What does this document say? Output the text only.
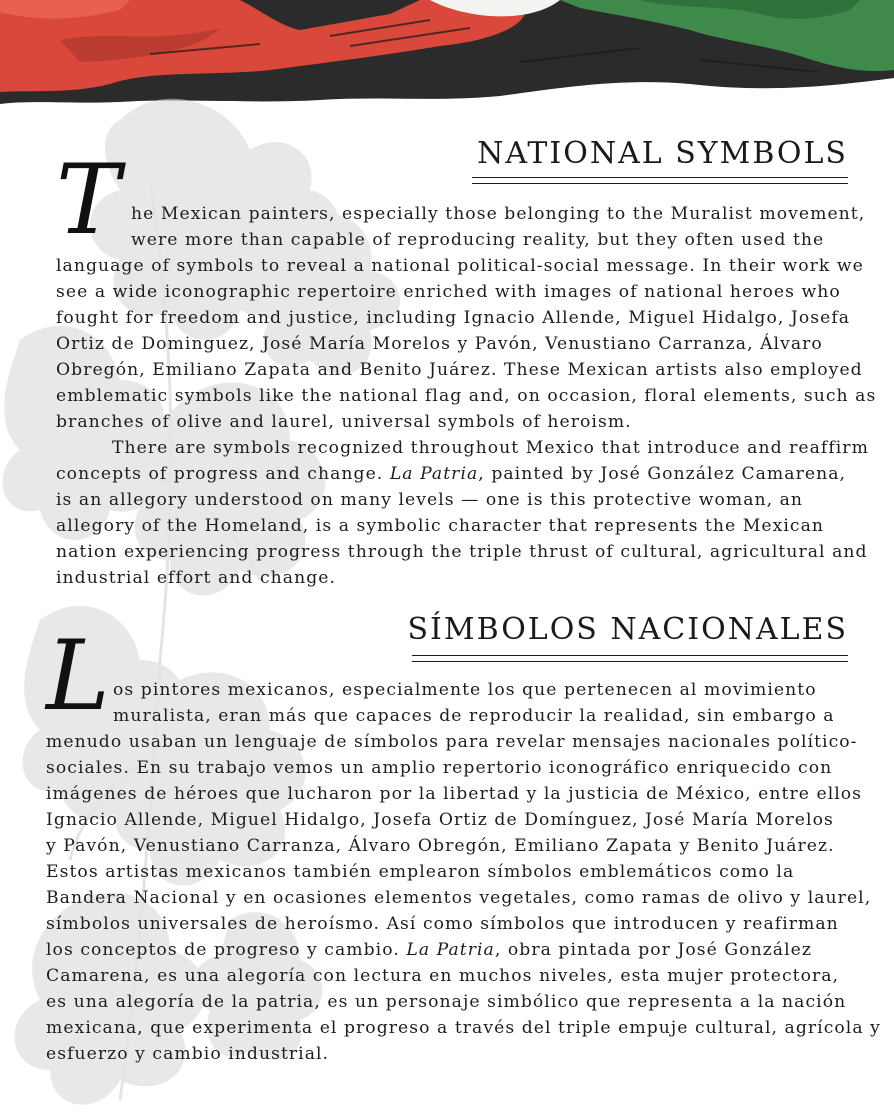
NATIONAL SYMBOLS
T he Mexican painters, especially those belonging to the Muralist movement,
were more than capable of reproducing reality, but they often used the
language of symbols to reveal a national political-social message. In their work we
see a wide iconographic repertoire enriched with images of national heroes who
fought for freedom and justice, including Ignacio Allende, Miguel Hidalgo, Josefa
Ortiz de Dominguez, José María Morelos y Pavón, Venustiano Carranza, Álvaro
Obregón, Emiliano Zapata and Benito Juárez. These Mexican artists also employed
emblematic symbols like the national flag and, on occasion, floral elements, such as
branches of olive and laurel, universal symbols of heroism.
There are symbols recognized throughout Mexico that introduce and reaffirm
concepts of progress and change. La Patria, painted by José González Camarena,
is an allegory understood on many levels — one is this protective woman, an
allegory of the Homeland, is a symbolic character that represents the Mexican
nation experiencing progress through the triple thrust of cultural, agricultural and
industrial effort and change.
SÍMBOLOS NACIONALES
L os pintores mexicanos, especialmente los que pertenecen al movimiento
muralista, eran más que capaces de reproducir la realidad, sin embargo a
menudo usaban un lenguaje de símbolos para revelar mensajes nacionales político-
sociales. En su trabajo vemos un amplio repertorio iconográfico enriquecido con
imágenes de héroes que lucharon por la libertad y la justicia de México, entre ellos
Ignacio Allende, Miguel Hidalgo, Josefa Ortiz de Domínguez, José María Morelos
y Pavón, Venustiano Carranza, Álvaro Obregón, Emiliano Zapata y Benito Juárez.
Estos artistas mexicanos también emplearon símbolos emblemáticos como la
Bandera Nacional y en ocasiones elementos vegetales, como ramas de olivo y laurel,
símbolos universales de heroísmo. Así como símbolos que introducen y reafirman
los conceptos de progreso y cambio. La Patria, obra pintada por José González
Camarena, es una alegoría con lectura en muchos niveles, esta mujer protectora,
es una alegoría de la patria, es un personaje simbólico que representa a la nación
mexicana, que experimenta el progreso a través del triple empuje cultural, agrícola y
esfuerzo y cambio industrial.
